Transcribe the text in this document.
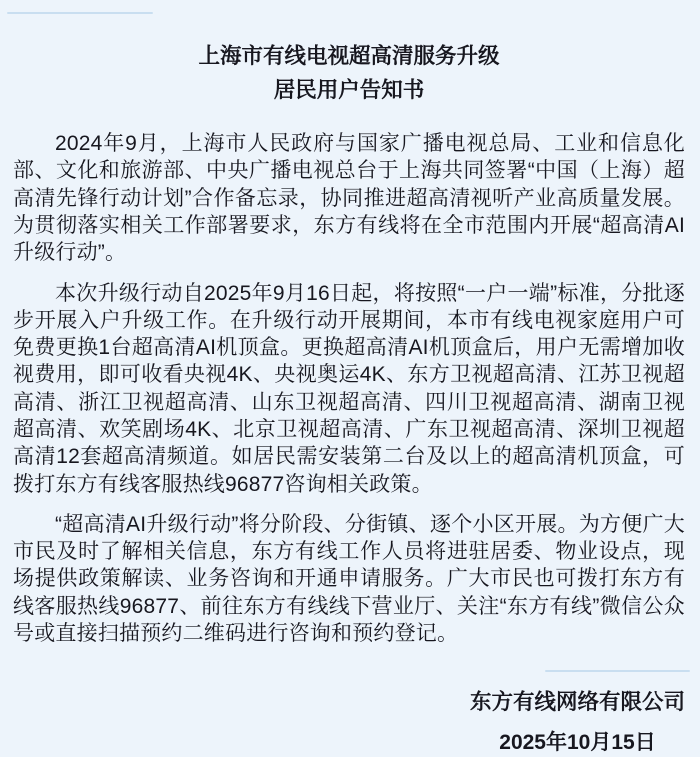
上海市有线电视超高清服务升级
居民用户告知书

2024年9月，上海市人民政府与国家广播电视总局、工业和信息化部、文化和旅游部、中央广播电视总台于上海共同签署“中国（上海）超高清先锋行动计划”合作备忘录，协同推进超高清视听产业高质量发展。为贯彻落实相关工作部署要求，东方有线将在全市范围内开展“超高清AI升级行动”。

本次升级行动自2025年9月16日起，将按照“一户一端”标准，分批逐步开展入户升级工作。在升级行动开展期间，本市有线电视家庭用户可免费更换1台超高清AI机顶盒。更换超高清AI机顶盒后，用户无需增加收视费用，即可收看央视4K、央视奥运4K、东方卫视超高清、江苏卫视超高清、浙江卫视超高清、山东卫视超高清、四川卫视超高清、湖南卫视超高清、欢笑剧场4K、北京卫视超高清、广东卫视超高清、深圳卫视超高清12套超高清频道。如居民需安装第二台及以上的超高清机顶盒，可拨打东方有线客服热线96877咨询相关政策。

“超高清AI升级行动”将分阶段、分街镇、逐个小区开展。为方便广大市民及时了解相关信息，东方有线工作人员将进驻居委、物业设点，现场提供政策解读、业务咨询和开通申请服务。广大市民也可拨打东方有线客服热线96877、前往东方有线线下营业厅、关注“东方有线”微信公众号或直接扫描预约二维码进行咨询和预约登记。

东方有线网络有限公司
2025年10月15日
